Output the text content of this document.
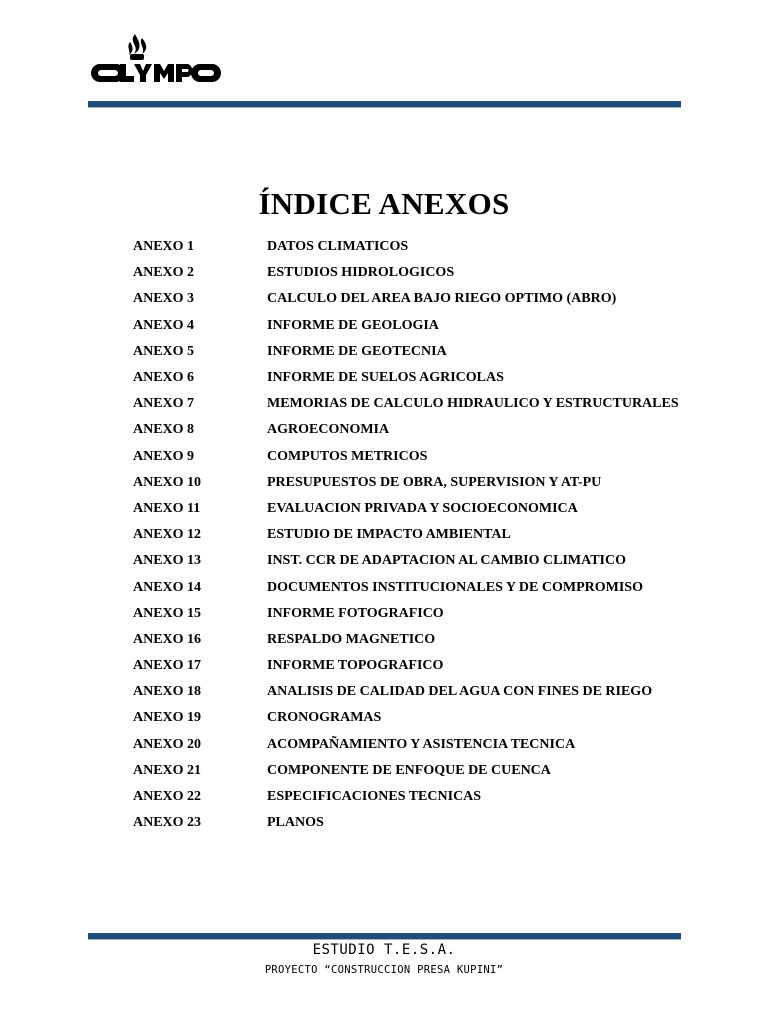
ÍNDICE ANEXOS
ANEXO 1	DATOS CLIMATICOS
ANEXO 2	ESTUDIOS HIDROLOGICOS
ANEXO 3	CALCULO DEL AREA BAJO RIEGO OPTIMO (ABRO)
ANEXO 4	INFORME DE GEOLOGIA
ANEXO 5	INFORME DE GEOTECNIA
ANEXO 6	INFORME DE SUELOS AGRICOLAS
ANEXO 7	MEMORIAS DE CALCULO HIDRAULICO Y ESTRUCTURALES
ANEXO 8	AGROECONOMIA
ANEXO 9	COMPUTOS METRICOS
ANEXO 10	PRESUPUESTOS DE OBRA, SUPERVISION Y AT-PU
ANEXO 11	EVALUACION PRIVADA Y SOCIOECONOMICA
ANEXO 12	ESTUDIO DE IMPACTO AMBIENTAL
ANEXO 13	INST. CCR DE ADAPTACION AL CAMBIO CLIMATICO
ANEXO 14	DOCUMENTOS INSTITUCIONALES Y DE COMPROMISO
ANEXO 15	INFORME FOTOGRAFICO
ANEXO 16	RESPALDO MAGNETICO
ANEXO 17	INFORME TOPOGRAFICO
ANEXO 18	ANALISIS DE CALIDAD DEL AGUA CON FINES DE RIEGO
ANEXO 19	CRONOGRAMAS
ANEXO 20	ACOMPAÑAMIENTO Y ASISTENCIA TECNICA
ANEXO 21	COMPONENTE DE ENFOQUE DE CUENCA
ANEXO 22	ESPECIFICACIONES TECNICAS
ANEXO 23	PLANOS
ESTUDIO T.E.S.A.
PROYECTO “CONSTRUCCION PRESA KUPINI”
